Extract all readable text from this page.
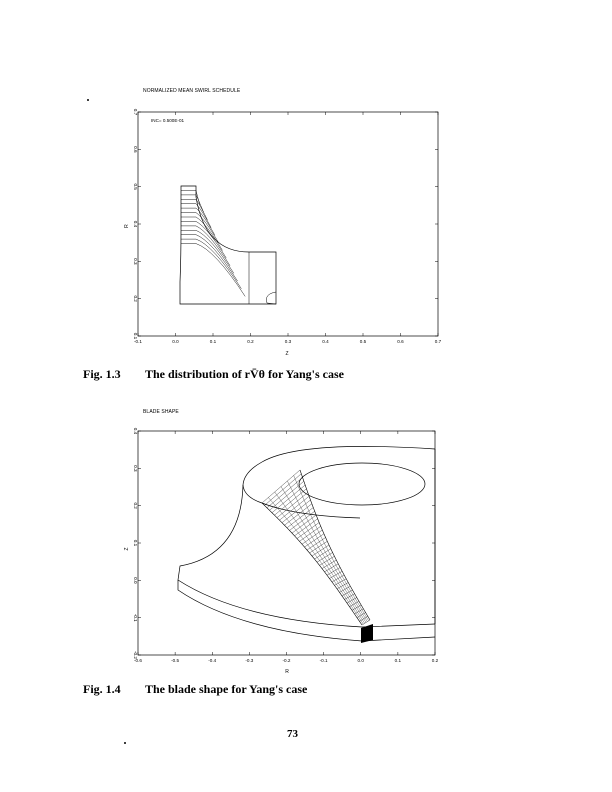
NORMALIZED MEAN SWIRL SCHEDULE
-0.1	0.0	0.1	0.2	0.3	0.4	0.5	0.6	0.7
0.1
0.2
0.3
0.4
0.5
0.6
0.7
INC= 0.500E-01
Z
R
Fig. 1.3 The distribution of rV̄θ for Yang's case
BLADE SHAPE
-0.6	-0.5	-0.4	-0.3	-0.2	-0.1	0.0	0.1	0.2
-0.2
-0.1
0.0
0.1
0.2
0.3
0.4
R
Z
Fig. 1.4 The blade shape for Yang's case
73
